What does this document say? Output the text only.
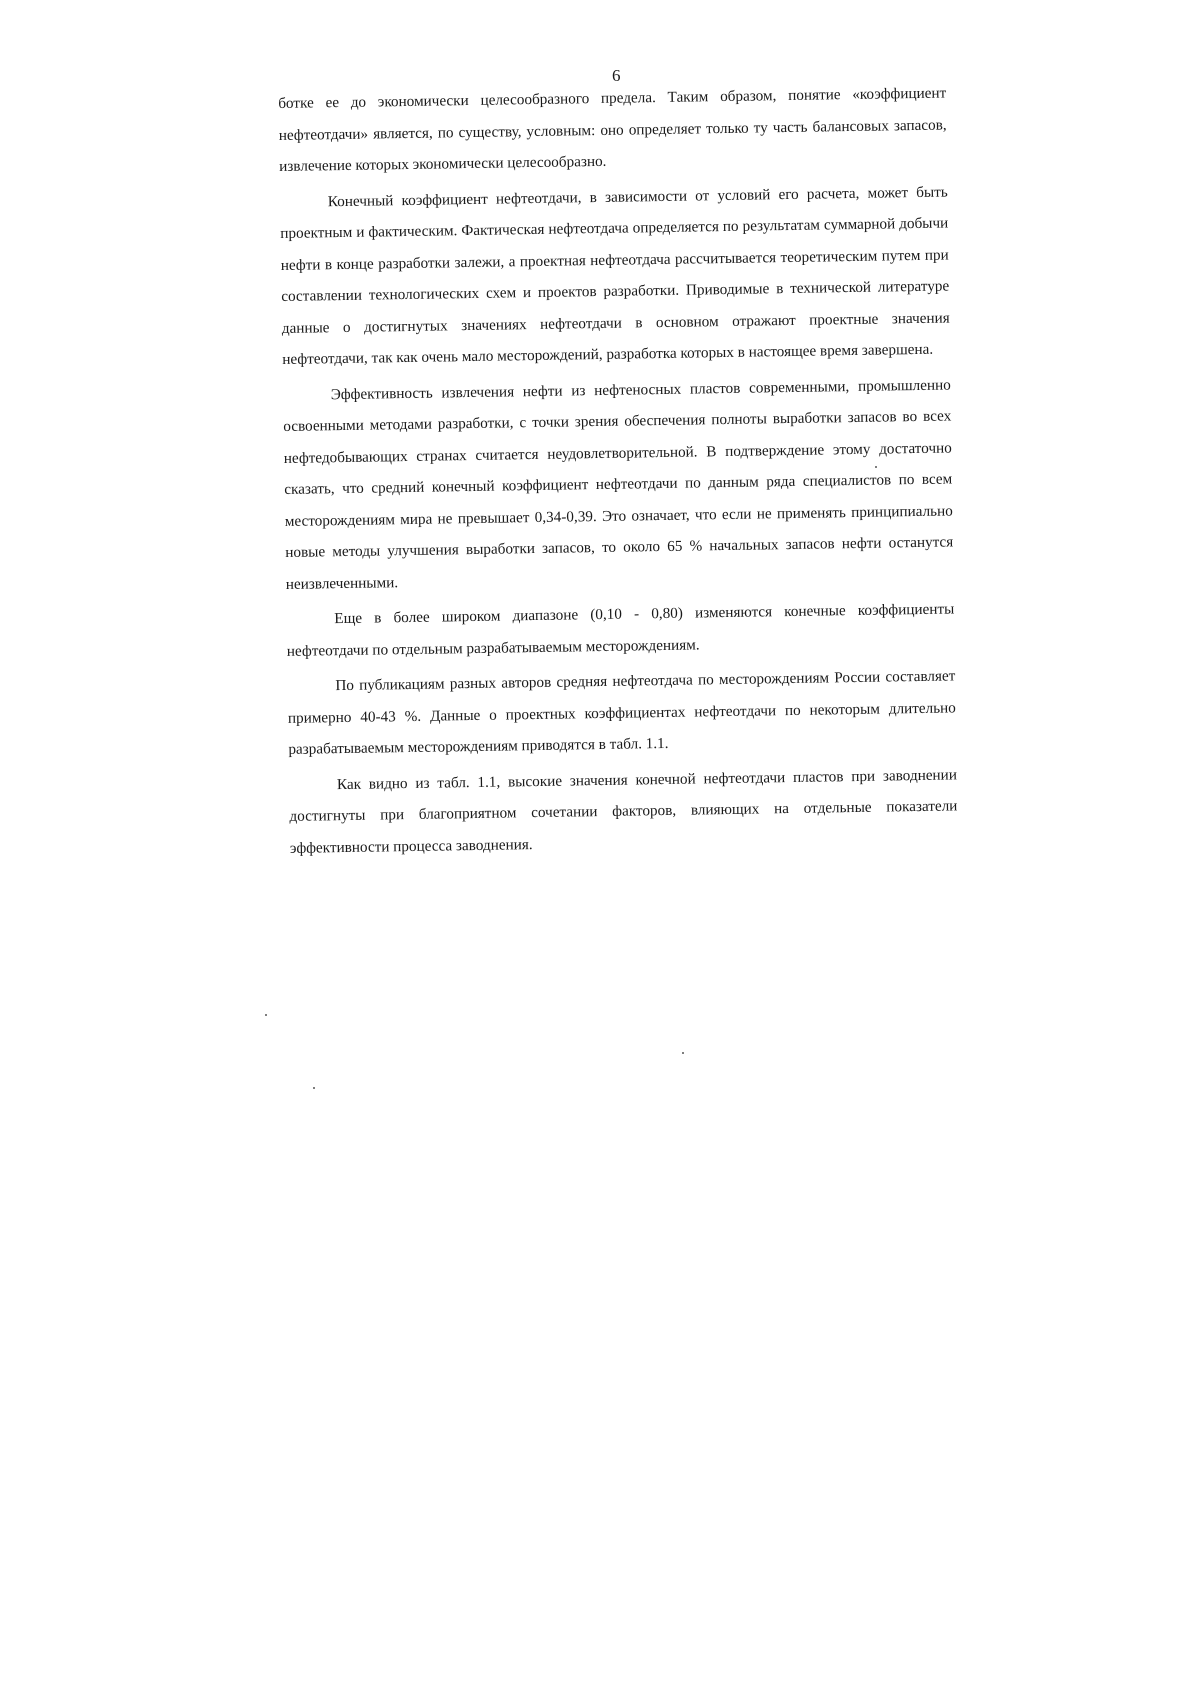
6

ботке ее до экономически целесообразного предела. Таким образом, понятие «коэффициент нефтеотдачи» является, по существу, условным: оно определяет только ту часть балансовых запасов, извлечение которых экономически целесообразно.

Конечный коэффициент нефтеотдачи, в зависимости от условий его расчета, может быть проектным и фактическим. Фактическая нефтеотдача определяется по результатам суммарной добычи нефти в конце разработки залежи, а проектная нефтеотдача рассчитывается теоретическим путем при составлении технологических схем и проектов разработки. Приводимые в технической литературе данные о достигнутых значениях нефтеотдачи в основном отражают проектные значения нефтеотдачи, так как очень мало месторождений, разработка которых в настоящее время завершена.

Эффективность извлечения нефти из нефтеносных пластов современными, промышленно освоенными методами разработки, с точки зрения обеспечения полноты выработки запасов во всех нефтедобывающих странах считается неудовлетворительной. В подтверждение этому достаточно сказать, что средний конечный коэффициент нефтеотдачи по данным ряда специалистов по всем месторождениям мира не превышает 0,34-0,39. Это означает, что если не применять принципиально новые методы улучшения выработки запасов, то около 65 % начальных запасов нефти останутся неизвлеченными.

Еще в более широком диапазоне (0,10 - 0,80) изменяются конечные коэффициенты нефтеотдачи по отдельным разрабатываемым месторождениям.

По публикациям разных авторов средняя нефтеотдача по месторождениям России составляет примерно 40-43 %. Данные о проектных коэффициентах нефтеотдачи по некоторым длительно разрабатываемым месторождениям приводятся в табл. 1.1.

Как видно из табл. 1.1, высокие значения конечной нефтеотдачи пластов при заводнении достигнуты при благоприятном сочетании факторов, влияющих на отдельные показатели эффективности процесса заводнения.
